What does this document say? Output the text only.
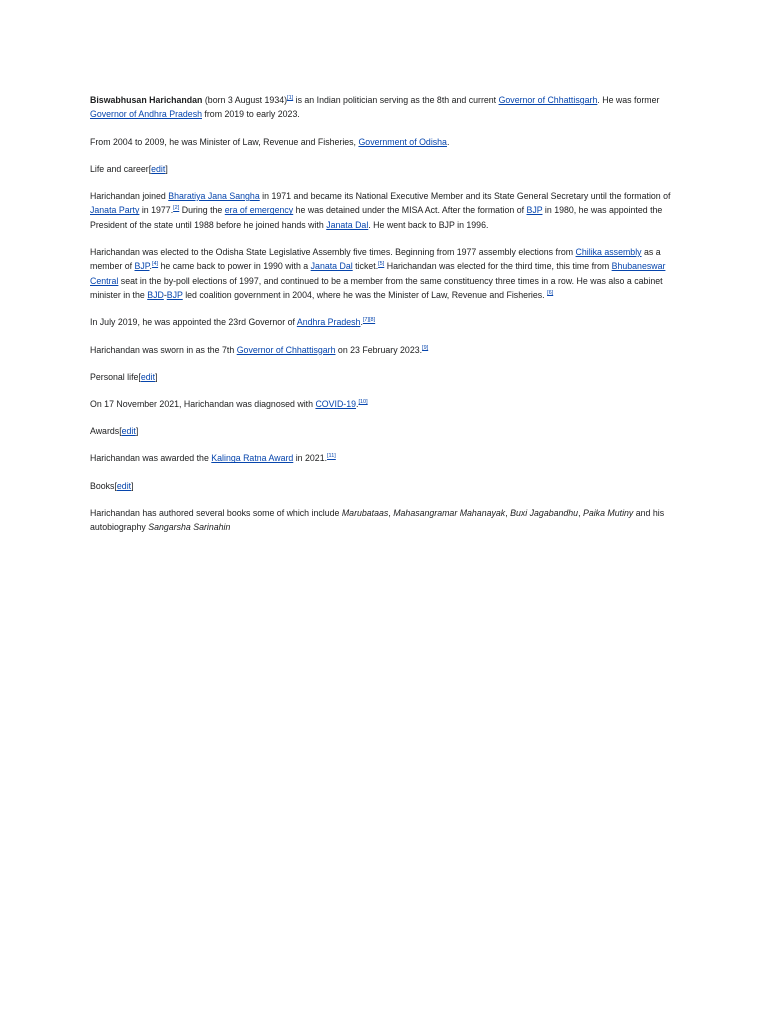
Biswabhusan Harichandan (born 3 August 1934)[1] is an Indian politician serving as the 8th and current Governor of Chhattisgarh. He was former Governor of Andhra Pradesh from 2019 to early 2023.

From 2004 to 2009, he was Minister of Law, Revenue and Fisheries, Government of Odisha.

Life and career[edit]

Harichandan joined Bharatiya Jana Sangha in 1971 and became its National Executive Member and its State General Secretary until the formation of Janata Party in 1977.[2] During the era of emergency he was detained under the MISA Act. After the formation of BJP in 1980, he was appointed the President of the state until 1988 before he joined hands with Janata Dal. He went back to BJP in 1996.

Harichandan was elected to the Odisha State Legislative Assembly five times. Beginning from 1977 assembly elections from Chilika assembly as a member of BJP.[4] he came back to power in 1990 with a Janata Dal ticket.[5] Harichandan was elected for the third time, this time from Bhubaneswar Central seat in the by-poll elections of 1997, and continued to be a member from the same constituency three times in a row. He was also a cabinet minister in the BJD-BJP led coalition government in 2004, where he was the Minister of Law, Revenue and Fisheries. [6]

In July 2019, he was appointed the 23rd Governor of Andhra Pradesh.[7][8]

Harichandan was sworn in as the 7th Governor of Chhattisgarh on 23 February 2023.[9]

Personal life[edit]

On 17 November 2021, Harichandan was diagnosed with COVID-19.[10]

Awards[edit]

Harichandan was awarded the Kalinga Ratna Award in 2021.[11]

Books[edit]

Harichandan has authored several books some of which include Marubataas, Mahasangramar Mahanayak, Buxi Jagabandhu, Paika Mutiny and his autobiography Sangarsha Sarinahin
